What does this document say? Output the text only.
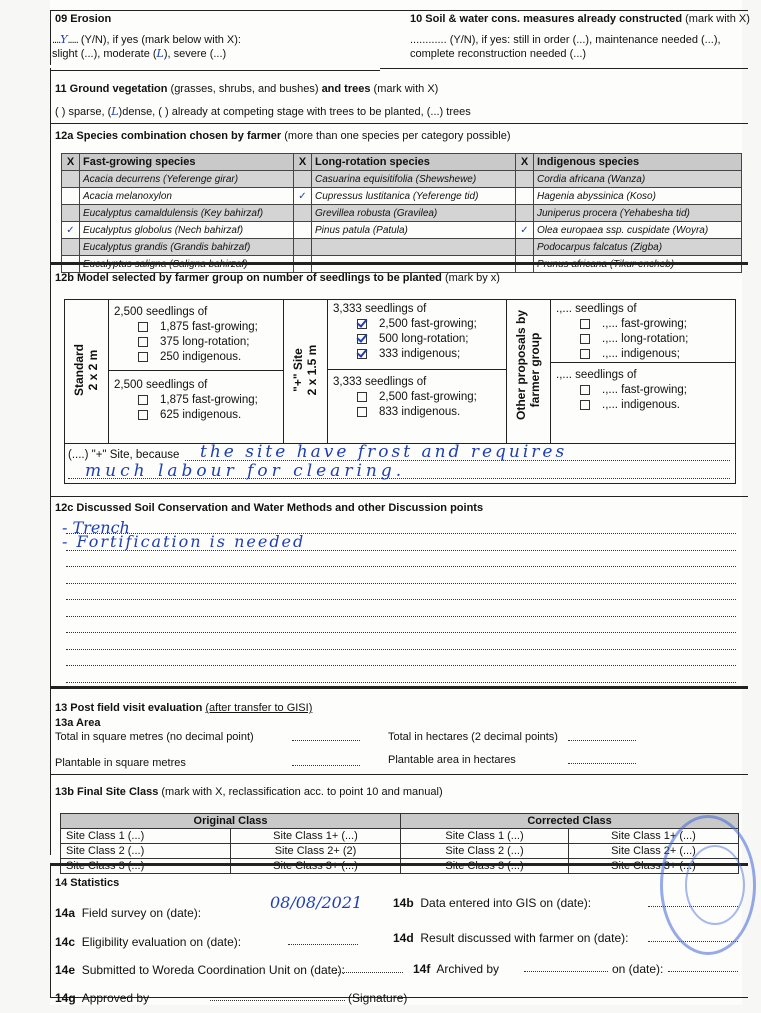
09 Erosion
....Y..... (Y/N), if yes (mark below with X):
slight (...), moderate (L), severe (...)
10 Soil & water cons. measures already constructed (mark with X)
............ (Y/N), if yes: still in order (...), maintenance needed (...),
complete reconstruction needed (...)
11 Ground vegetation (grasses, shrubs, and bushes) and trees (mark with X)
( ) sparse, (L)dense, ( ) already at competing stage with trees to be planted, (...) trees
12a Species combination chosen by farmer (more than one species per category possible)
X	Fast-growing species	X	Long-rotation species	X	Indigenous species
	Acacia decurrens (Yeferenge girar)		Casuarina equisitifolia (Shewshewe)		Cordia africana (Wanza)
	Acacia melanoxylon	✓	Cupressus lustitanica (Yeferenge tid)		Hagenia abyssinica (Koso)
	Eucalyptus camaldulensis (Key bahirzaf)		Grevillea robusta (Gravilea)		Juniperus procera (Yehabesha tid)
✓	Eucalyptus globolus (Nech bahirzaf)		Pinus patula (Patula)	✓	Olea europaea ssp. cuspidate (Woyra)
	Eucalyptus grandis (Grandis bahirzaf)				Podocarpus falcatus (Zigba)
	Eucalyptus saligna (Saligna bahirzaf)				Prunus africana (Tikur encheb)
12b Model selected by farmer group on number of seedlings to be planted (mark by x)
Standard 2 x 2 m	"+" Site 2 x 1.5 m	Other proposals by farmer group
2,500 seedlings of
1,875 fast-growing;
375 long-rotation;
250 indigenous.
2,500 seedlings of
1,875 fast-growing;
625 indigenous.
3,333 seedlings of
2,500 fast-growing;
500 long-rotation;
333 indigenous;
3,333 seedlings of
2,500 fast-growing;
833 indigenous.
.,... seedlings of
.,... fast-growing;
.,... long-rotation;
.,... indigenous;
.,... seedlings of
.,... fast-growing;
.,... indigenous.
(....) "+" Site, because the site have frost and requires
much labour for clearing.
12c Discussed Soil Conservation and Water Methods and other Discussion points
- Trench
- Fortification is needed
13 Post field visit evaluation (after transfer to GISI)
13a Area
Total in square metres (no decimal point)	Total in hectares (2 decimal points)
Plantable in square metres	Plantable area in hectares
13b Final Site Class (mark with X, reclassification acc. to point 10 and manual)
Original Class		Corrected Class	
Site Class 1 (...)	Site Class 1+ (...)	Site Class 1 (...)	Site Class 1+ (...)
Site Class 2 (...)	Site Class 2+ (2)	Site Class 2 (...)	Site Class 2+ (...)
Site Class 3 (...)	Site Class 3+ (...)	Site Class 3 (...)	Site Class 3+ (...)
14 Statistics
14a Field survey on (date):
08/08/2021	14b Data entered into GIS on (date):
14c Eligibility evaluation on (date):	14d Result discussed with farmer on (date):
14e Submitted to Woreda Coordination Unit on (date):	14f Archived by	on (date):
14g Approved by	(Signature)
